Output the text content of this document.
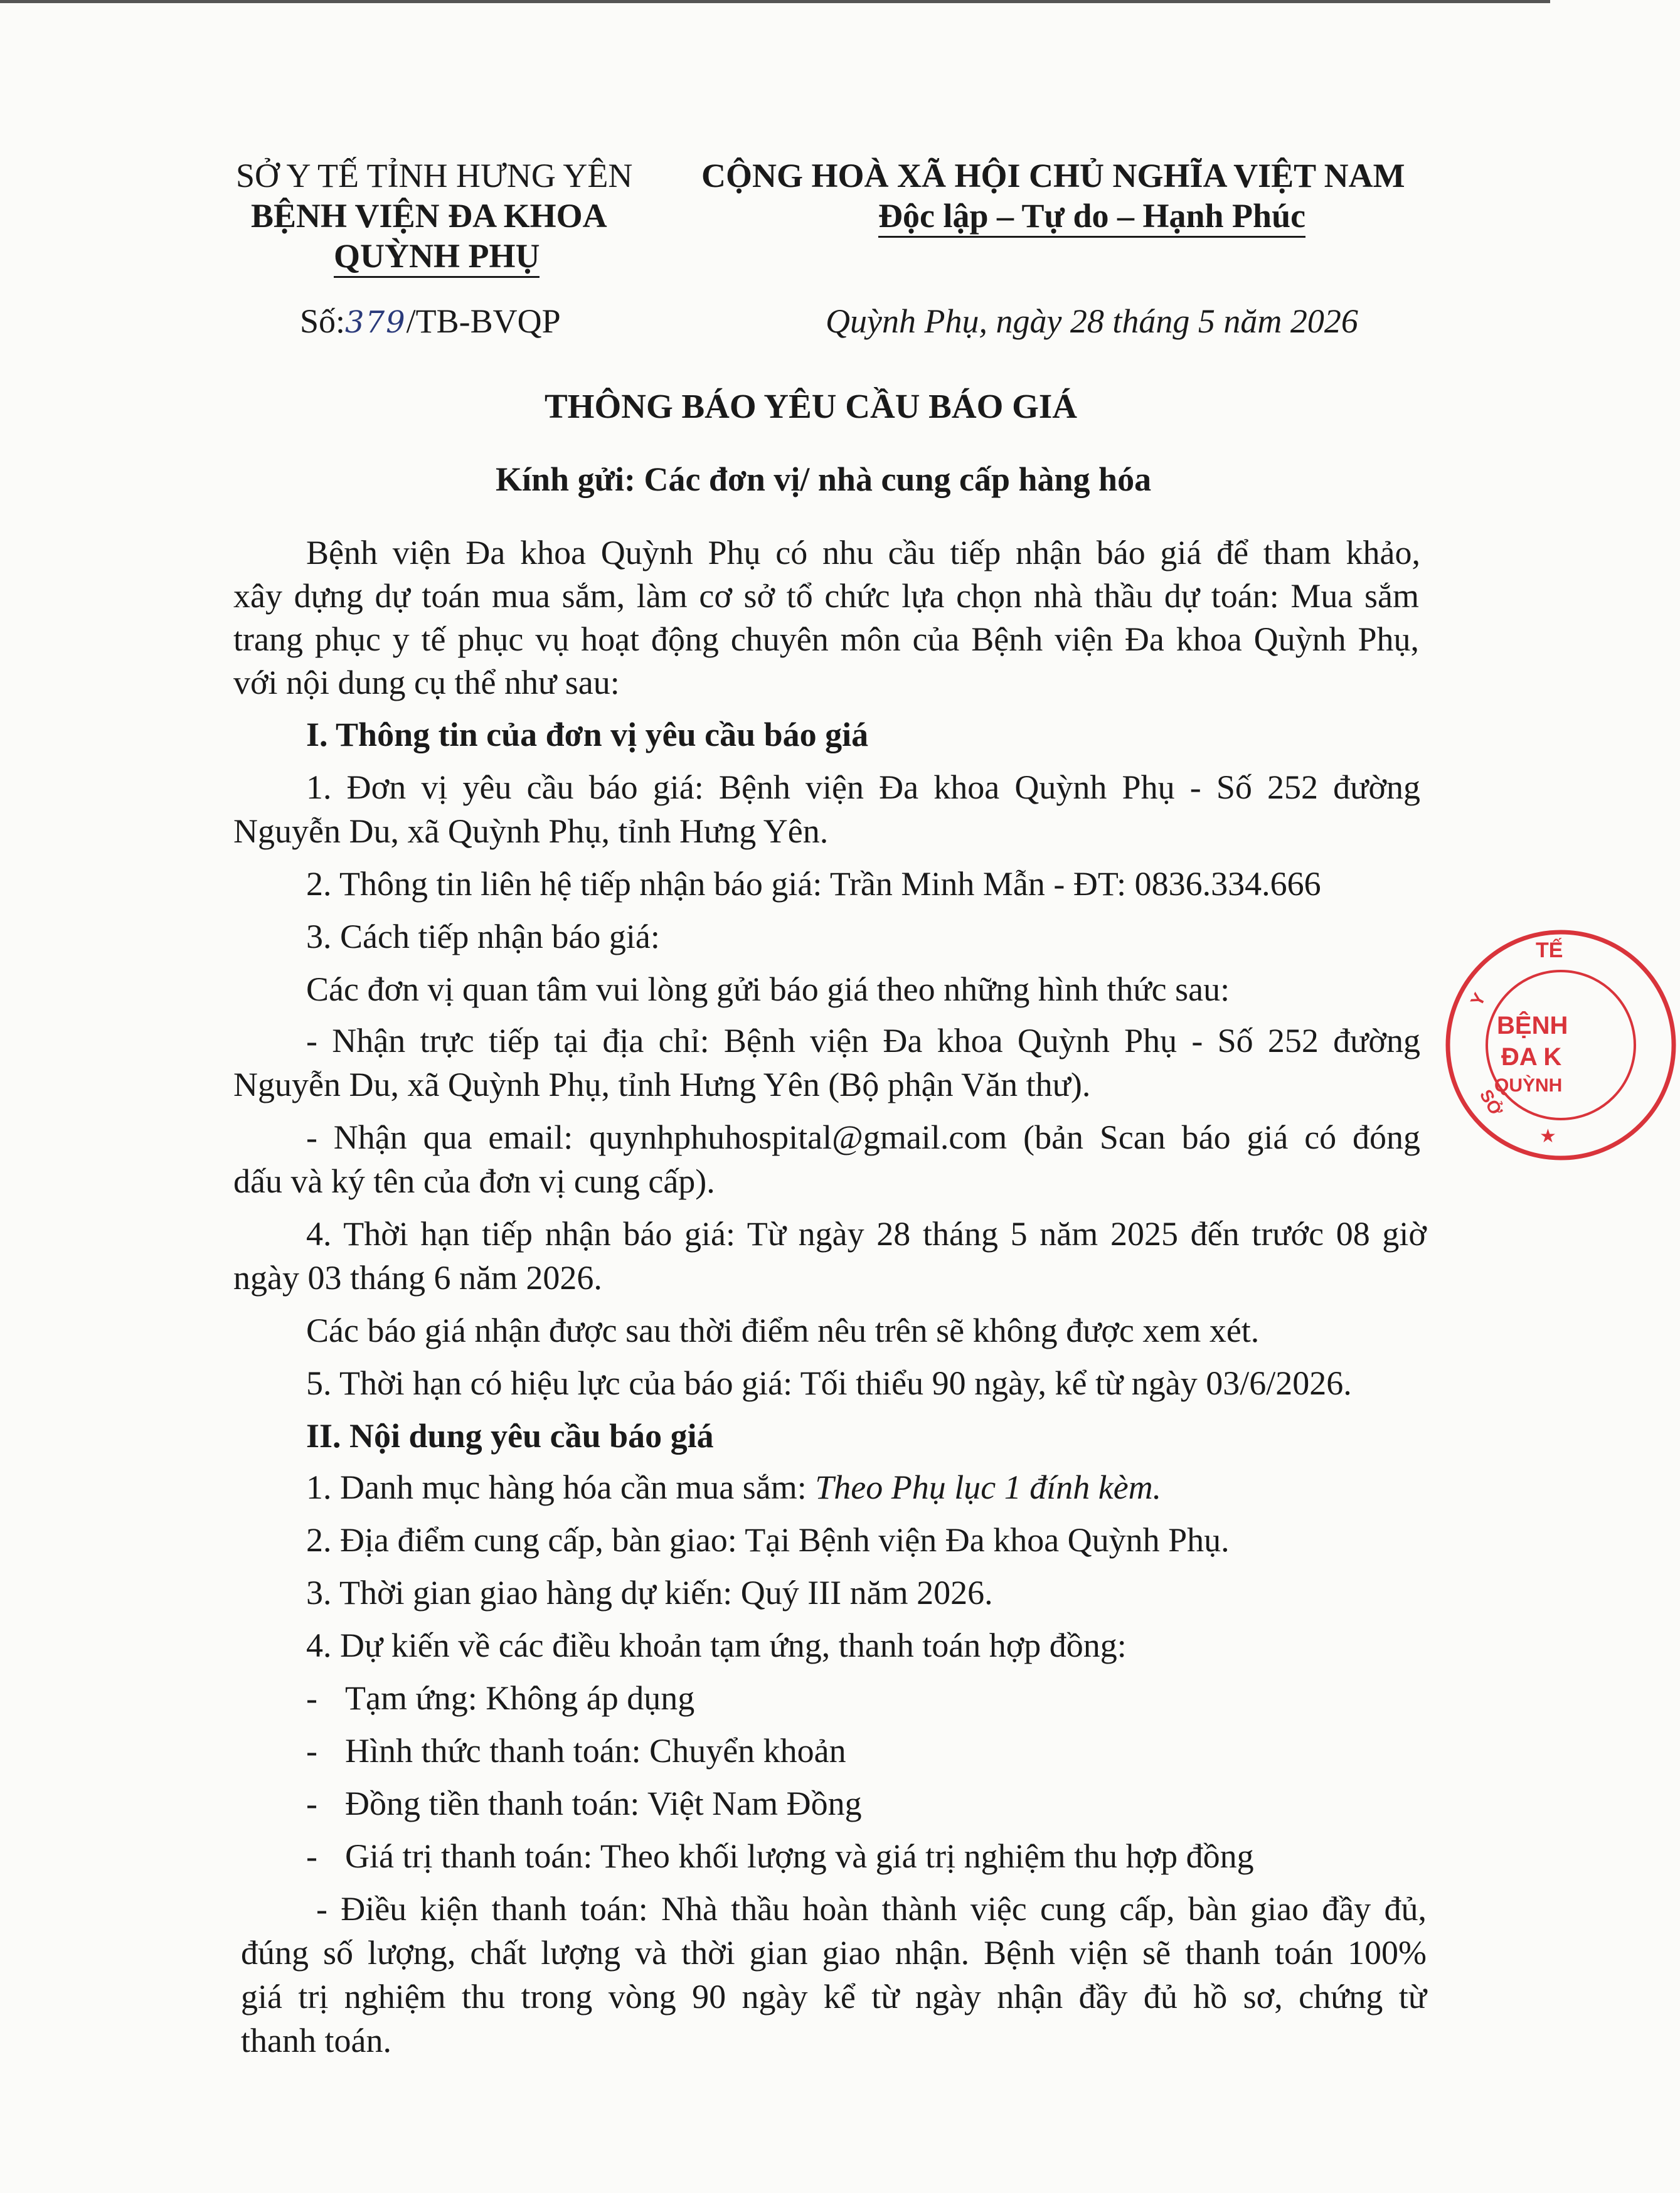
SỞ Y TẾ TỈNH HƯNG YÊN
BỆNH VIỆN ĐA KHOA
QUỲNH PHỤ
CỘNG HOÀ XÃ HỘI CHỦ NGHĨA VIỆT NAM
Độc lập – Tự do – Hạnh Phúc
Số:379/TB-BVQP	Quỳnh Phụ, ngày 28 tháng 5 năm 2026
THÔNG BÁO YÊU CẦU BÁO GIÁ
Kính gửi: Các đơn vị/ nhà cung cấp hàng hóa
Bệnh viện Đa khoa Quỳnh Phụ có nhu cầu tiếp nhận báo giá để tham khảo,
xây dựng dự toán mua sắm, làm cơ sở tổ chức lựa chọn nhà thầu dự toán: Mua sắm
trang phục y tế phục vụ hoạt động chuyên môn của Bệnh viện Đa khoa Quỳnh Phụ,
với nội dung cụ thể như sau:
I. Thông tin của đơn vị yêu cầu báo giá
1. Đơn vị yêu cầu báo giá: Bệnh viện Đa khoa Quỳnh Phụ - Số 252 đường
Nguyễn Du, xã Quỳnh Phụ, tỉnh Hưng Yên.
2. Thông tin liên hệ tiếp nhận báo giá: Trần Minh Mẫn - ĐT: 0836.334.666
3. Cách tiếp nhận báo giá:
Các đơn vị quan tâm vui lòng gửi báo giá theo những hình thức sau:
- Nhận trực tiếp tại địa chỉ: Bệnh viện Đa khoa Quỳnh Phụ - Số 252 đường
Nguyễn Du, xã Quỳnh Phụ, tỉnh Hưng Yên (Bộ phận Văn thư).
- Nhận qua email: quynhphuhospital@gmail.com (bản Scan báo giá có đóng
dấu và ký tên của đơn vị cung cấp).
4. Thời hạn tiếp nhận báo giá: Từ ngày 28 tháng 5 năm 2025 đến trước 08 giờ
ngày 03 tháng 6 năm 2026.
Các báo giá nhận được sau thời điểm nêu trên sẽ không được xem xét.
5. Thời hạn có hiệu lực của báo giá: Tối thiểu 90 ngày, kể từ ngày 03/6/2026.
II. Nội dung yêu cầu báo giá
1. Danh mục hàng hóa cần mua sắm: Theo Phụ lục 1 đính kèm.
2. Địa điểm cung cấp, bàn giao: Tại Bệnh viện Đa khoa Quỳnh Phụ.
3. Thời gian giao hàng dự kiến: Quý III năm 2026.
4. Dự kiến về các điều khoản tạm ứng, thanh toán hợp đồng:
- Tạm ứng: Không áp dụng
- Hình thức thanh toán: Chuyển khoản
- Đồng tiền thanh toán: Việt Nam Đồng
- Giá trị thanh toán: Theo khối lượng và giá trị nghiệm thu hợp đồng
- Điều kiện thanh toán: Nhà thầu hoàn thành việc cung cấp, bàn giao đầy đủ,
đúng số lượng, chất lượng và thời gian giao nhận. Bệnh viện sẽ thanh toán 100%
giá trị nghiệm thu trong vòng 90 ngày kể từ ngày nhận đầy đủ hồ sơ, chứng từ
thanh toán.
TẾ
Y
SỞ
BỆNH
ĐA K
QUỲNH
★
